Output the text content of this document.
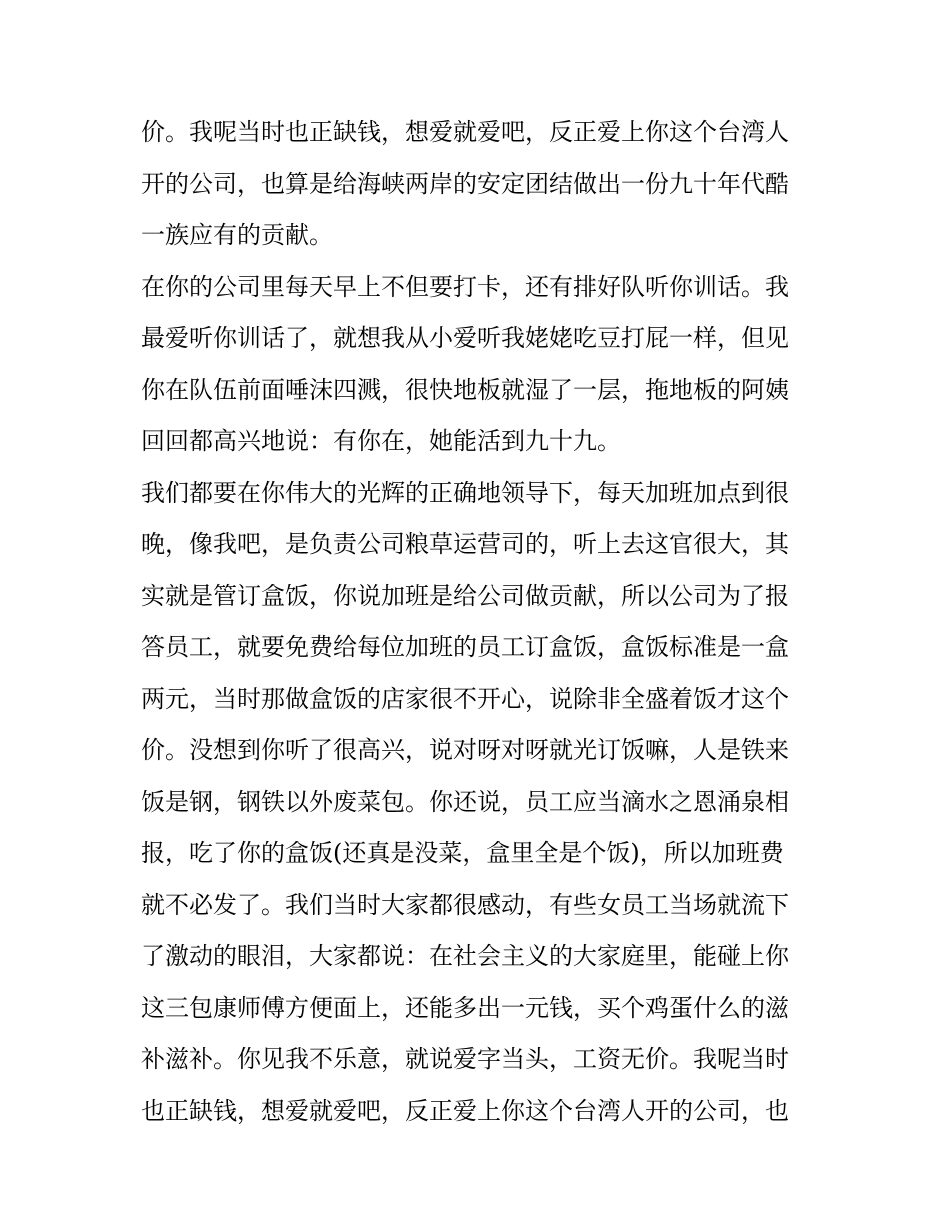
价。我呢当时也正缺钱，想爱就爱吧，反正爱上你这个台湾人
开的公司，也算是给海峡两岸的安定团结做出一份九十年代酷
一族应有的贡献。
在你的公司里每天早上不但要打卡，还有排好队听你训话。我
最爱听你训话了，就想我从小爱听我姥姥吃豆打屁一样，但见
你在队伍前面唾沫四溅，很快地板就湿了一层，拖地板的阿姨
回回都高兴地说：有你在，她能活到九十九。
我们都要在你伟大的光辉的正确地领导下，每天加班加点到很
晚，像我吧，是负责公司粮草运营司的，听上去这官很大，其
实就是管订盒饭，你说加班是给公司做贡献，所以公司为了报
答员工，就要免费给每位加班的员工订盒饭，盒饭标准是一盒
两元，当时那做盒饭的店家很不开心，说除非全盛着饭才这个
价。没想到你听了很高兴，说对呀对呀就光订饭嘛，人是铁来
饭是钢，钢铁以外废菜包。你还说，员工应当滴水之恩涌泉相
报，吃了你的盒饭(还真是没菜，盒里全是个饭)，所以加班费
就不必发了。我们当时大家都很感动，有些女员工当场就流下
了激动的眼泪，大家都说：在社会主义的大家庭里，能碰上你
这三包康师傅方便面上，还能多出一元钱，买个鸡蛋什么的滋
补滋补。你见我不乐意，就说爱字当头，工资无价。我呢当时
也正缺钱，想爱就爱吧，反正爱上你这个台湾人开的公司，也
